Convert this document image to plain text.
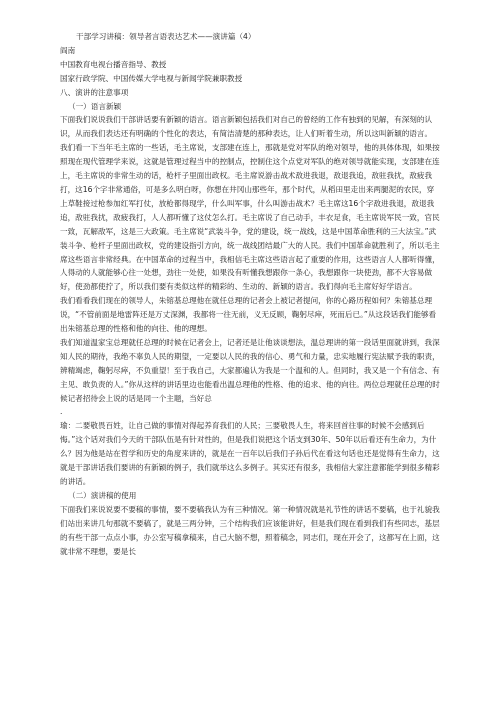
干部学习讲稿：领导者言语表达艺术——演讲篇（4）

阎南

中国教育电视台播音指导、教授

国家行政学院、中国传媒大学电视与新闻学院兼职教授

八、演讲的注意事项

（一）语言新颖

下面我们说说我们干部讲话要有新颖的语言。语言新颖包括我们对自己的曾经的工作有独到的见解，有深刻的认识，从而我们表达还有明确的个性化的表达，有简洁清楚的那种表达，让人们听着生动，所以这叫新颖的语言。

我们看一下当年毛主席的一些话，毛主席说，支部建在连上，那就是党对军队的绝对领导，他的具体体现，如果按照现在现代管理学来说，这就是管理过程当中的控制点，控制住这个点党对军队的绝对领导就能实现，支部建在连上，毛主席说的非常生动的话，枪杆子里面出政权。毛主席说游击战术敌进我退，敌退我追，敌驻我扰，敌疲我打，这16个字非常通俗，可是多么明白呀，你想在井冈山那些年，那个时代，从稻田里走出来两腿泥的农民，穿上草鞋接过枪参加红军打仗，放枪都得现学，什么叫军事，什么叫游击战术？毛主席这16个字敌进我退，敌退我追，敌驻我扰，敌疲我打，人人都听懂了这仗怎么打。毛主席说了自己动手，丰衣足食，毛主席说军民一致，官民一致，瓦解敌军，这是三大政策。毛主席说“武装斗争，党的建设，统一战线，这是中国革命胜利的三大法宝。”武装斗争、枪杆子里面出政权，党的建设指引方向，统一战线团结最广大的人民。我们中国革命就胜利了，所以毛主席这些语言非常经典。在中国革命的过程当中，我相信毛主席这些语言起了重要的作用，这些语言人人都听得懂，人得动的人就能够心往一处想，劲往一处使，如果没有听懂我想跟你一条心，我想跟你一块使劲，都不大容易做好，使劲都使拧了，所以我们要有类似这样的精彩的、生动的、新颖的语言。我们得向毛主席好好学语言。

我们看看我们现在的领导人，朱镕基总理他在就任总理的记者会上被记者提问，你的心路历程如何？朱镕基总理说，“不管前面是地雷阵还是万丈深渊，我都将一往无前，义无反顾，鞠躬尽瘁，死而后已。”从这段话我们能够看出朱镕基总理的性格和他的向往、他的理想。

我们知道温家宝总理就任总理的时候在记者会上，记者还是让他谈谈想法，温总理讲的第一段话里面就讲到，我深知人民的期待，我绝不辜负人民的期望，一定要以人民的我的信心、勇气和力量，忠实地履行宪法赋予我的职责，辨精竭虑，鞠躬尽瘁，不负重望！至于我自己，大家都遍认为我是一个温和的人。但同时，我又是一个有信念、有主见、敢负责的人。”你从这样的讲话里边也能看出温总理他的性格、他的追求、他的向往。两位总理就任总理的时候记者招待会上说的话是同一个主题，当好总

.

瑜：二要敬畏百姓，让自己做的事情对得起养育我们的人民；三要敬畏人生，将来回首往事的时候不会感到后悔。”这个话对我们今天的干部队伍是有针对性的，但是我们说把这个话支到30年、50年以后看还有生命力，为什么？因为他是站在哲学和历史的角度来讲的，就是在一百年以后我们子孙后代在看这句话也还是觉得有生命力，这就是干部讲话我们要讲的有新颖的例子，我们就举这么多例子。其实还有很多，我相信大家注意都能学到很多精彩的讲话。

（二）演讲稿的使用

下面我们来说说要不要稿的事情，要不要稿我认为有三种情况。第一种情况就是礼节性的讲话不要稿，也于礼貌我们站出来讲几句那就不要稿了，就是三两分钟，三个结构我们应该能讲好，但是我们现在看到我们有些同志，基层的有些干部一点点小事，办公室写稿拿稿来，自己大脑不想，照着稿念，同志们，现在开会了，这都写在上面，这就非常不理想，要是长
